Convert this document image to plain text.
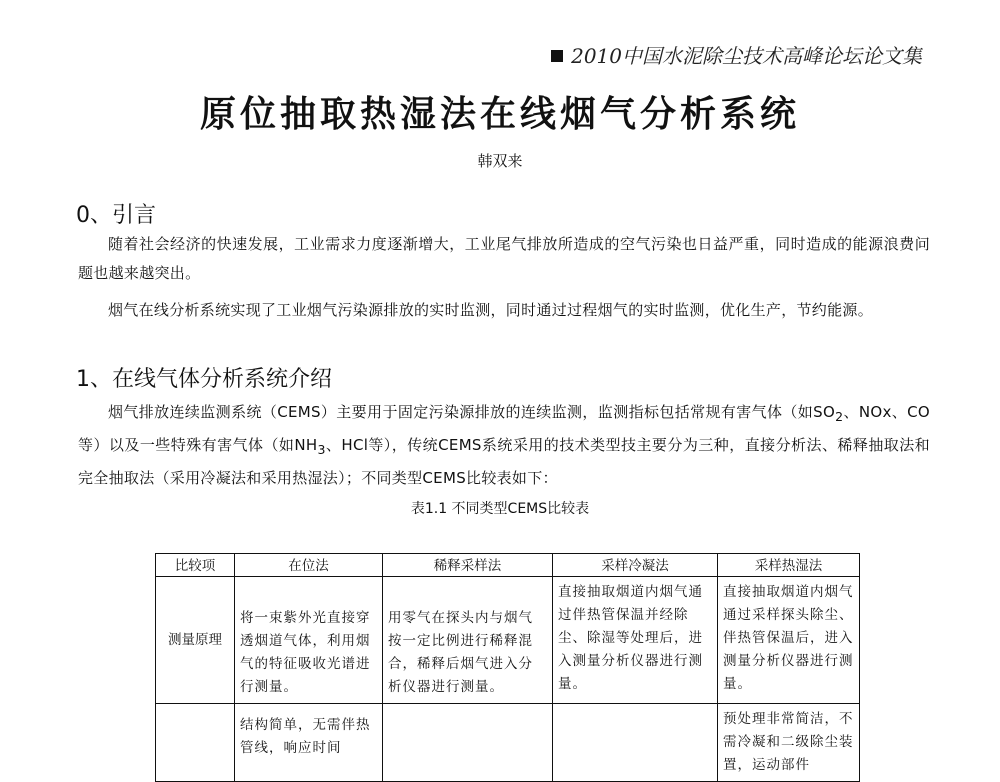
2010中国水泥除尘技术高峰论坛论文集
原位抽取热湿法在线烟气分析系统

韩双来

0、引言

随着社会经济的快速发展，工业需求力度逐渐增大，工业尾气排放所造成的空气污染也日益严重，同时造成的能源浪费问题也越来越突出。

烟气在线分析系统实现了工业烟气污染源排放的实时监测，同时通过过程烟气的实时监测，优化生产，节约能源。

1、在线气体分析系统介绍

烟气排放连续监测系统（CEMS）主要用于固定污染源排放的连续监测，监测指标包括常规有害气体（如$SO_2$、NOx、CO等）以及一些特殊有害气体（如$NH_3$、HCl等），传统CEMS系统采用的技术类型技主要分为三种，直接分析法、稀释抽取法和完全抽取法（采用冷凝法和采用热湿法）；不同类型CEMS比较表如下：

表1.1 不同类型CEMS比较表

比较项	在位法	稀释采样法	采样冷凝法	采样热湿法
测量原理	将一束紫外光直接穿透烟道气体，利用烟气的特征吸收光谱进行测量。	用零气在探头内与烟气按一定比例进行稀释混合，稀释后烟气进入分析仪器进行测量。	直接抽取烟道内烟气通过伴热管保温并经除尘、除湿等处理后，进入测量分析仪器进行测量。	直接抽取烟道内烟气通过采样探头除尘、伴热管保温后，进入测量分析仪器进行测量。
	结构简单，无需伴热管线，响应时间			预处理非常简洁，不需冷凝和二级除尘装置，运动部件
